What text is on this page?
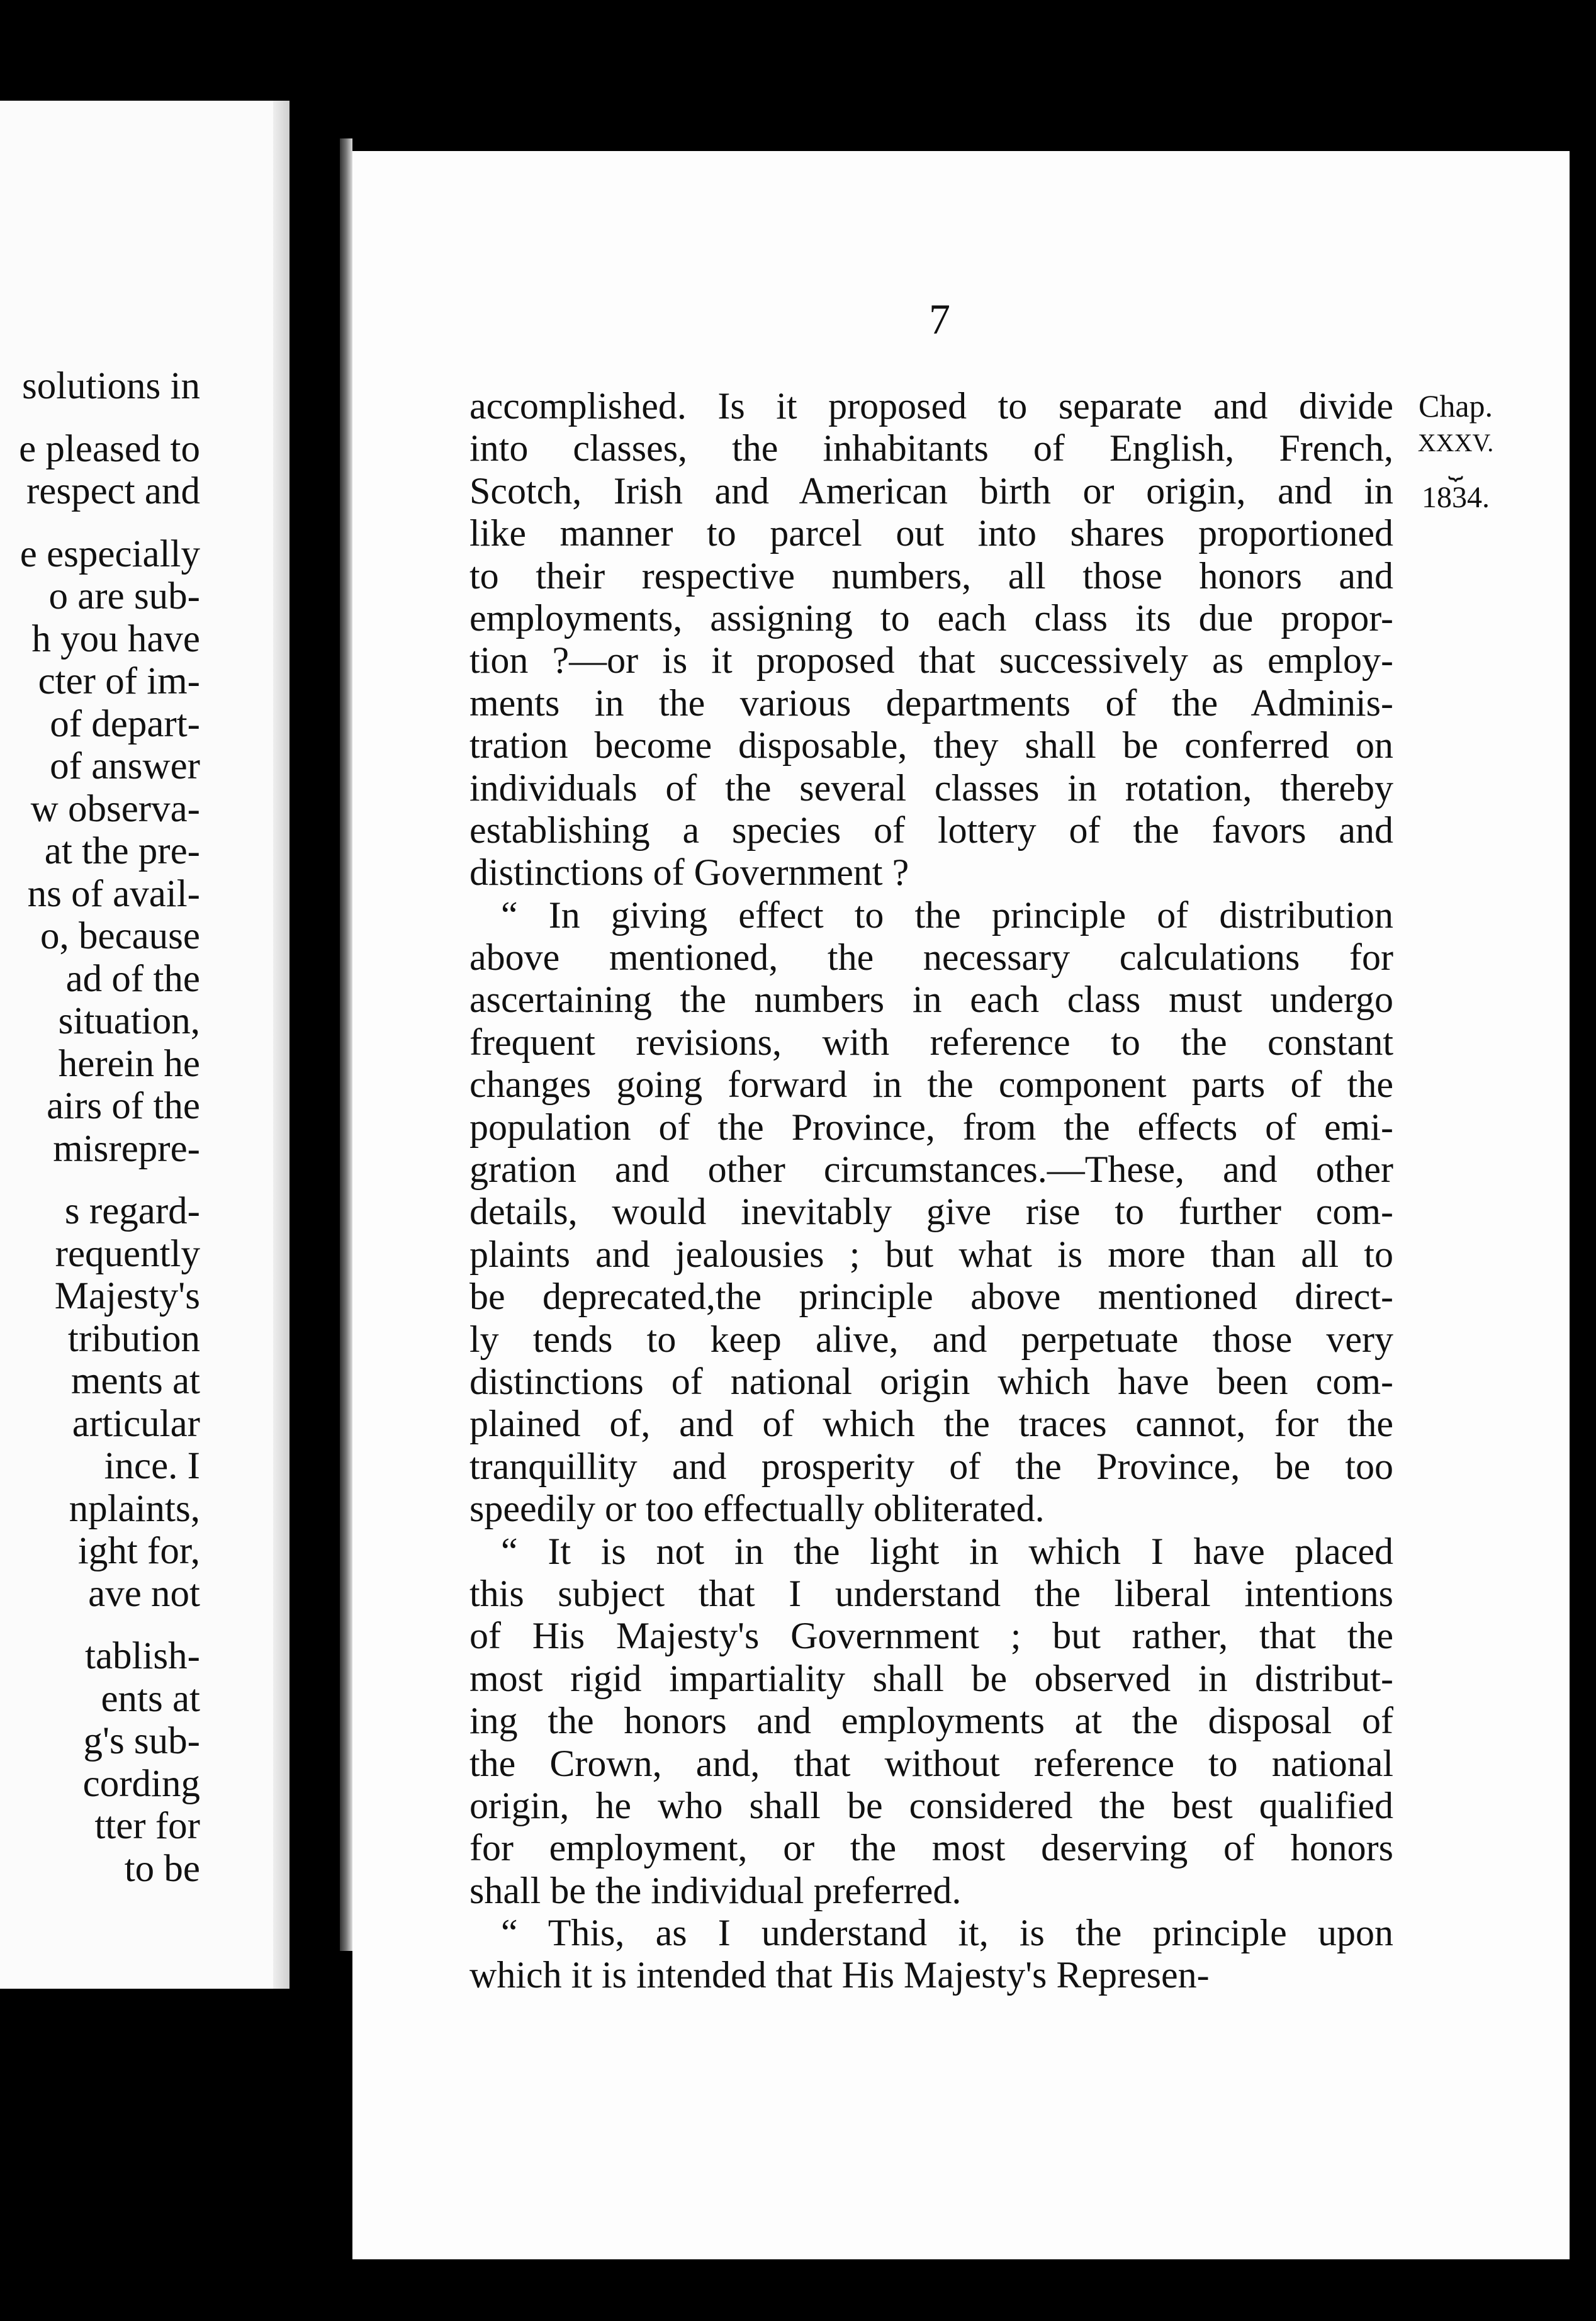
solutions in
e pleased to
respect and
e especially
o are sub-
h you have
cter of im-
of depart-
of answer
w observa-
at the pre-
ns of avail-
o, because
ad of the
situation,
herein he
airs of the
misrepre-
s regard-
requently
Majesty's
tribution
ments at
articular
ince. I
nplaints,
ight for,
ave not
tablish-
ents at
g's sub-
cording
tter for
to be
7
Chap.
XXXV.
⏟
1834.
accomplished. Is it proposed to separate and divide
into classes, the inhabitants of English, French,
Scotch, Irish and American birth or origin, and in
like manner to parcel out into shares proportioned
to their respective numbers, all those honors and
employments, assigning to each class its due propor-
tion ?—or is it proposed that successively as employ-
ments in the various departments of the Adminis-
tration become disposable, they shall be conferred on
individuals of the several classes in rotation, thereby
establishing a species of lottery of the favors and
distinctions of Government ?
“ In giving effect to the principle of distribution
above mentioned, the necessary calculations for
ascertaining the numbers in each class must undergo
frequent revisions, with reference to the constant
changes going forward in the component parts of the
population of the Province, from the effects of emi-
gration and other circumstances.—These, and other
details, would inevitably give rise to further com-
plaints and jealousies ; but what is more than all to
be deprecated,the principle above mentioned direct-
ly tends to keep alive, and perpetuate those very
distinctions of national origin which have been com-
plained of, and of which the traces cannot, for the
tranquillity and prosperity of the Province, be too
speedily or too effectually obliterated.
“ It is not in the light in which I have placed
this subject that I understand the liberal intentions
of His Majesty's Government ; but rather, that the
most rigid impartiality shall be observed in distribut-
ing the honors and employments at the disposal of
the Crown, and, that without reference to national
origin, he who shall be considered the best qualified
for employment, or the most deserving of honors
shall be the individual preferred.
“ This, as I understand it, is the principle upon
which it is intended that His Majesty's Represen-
